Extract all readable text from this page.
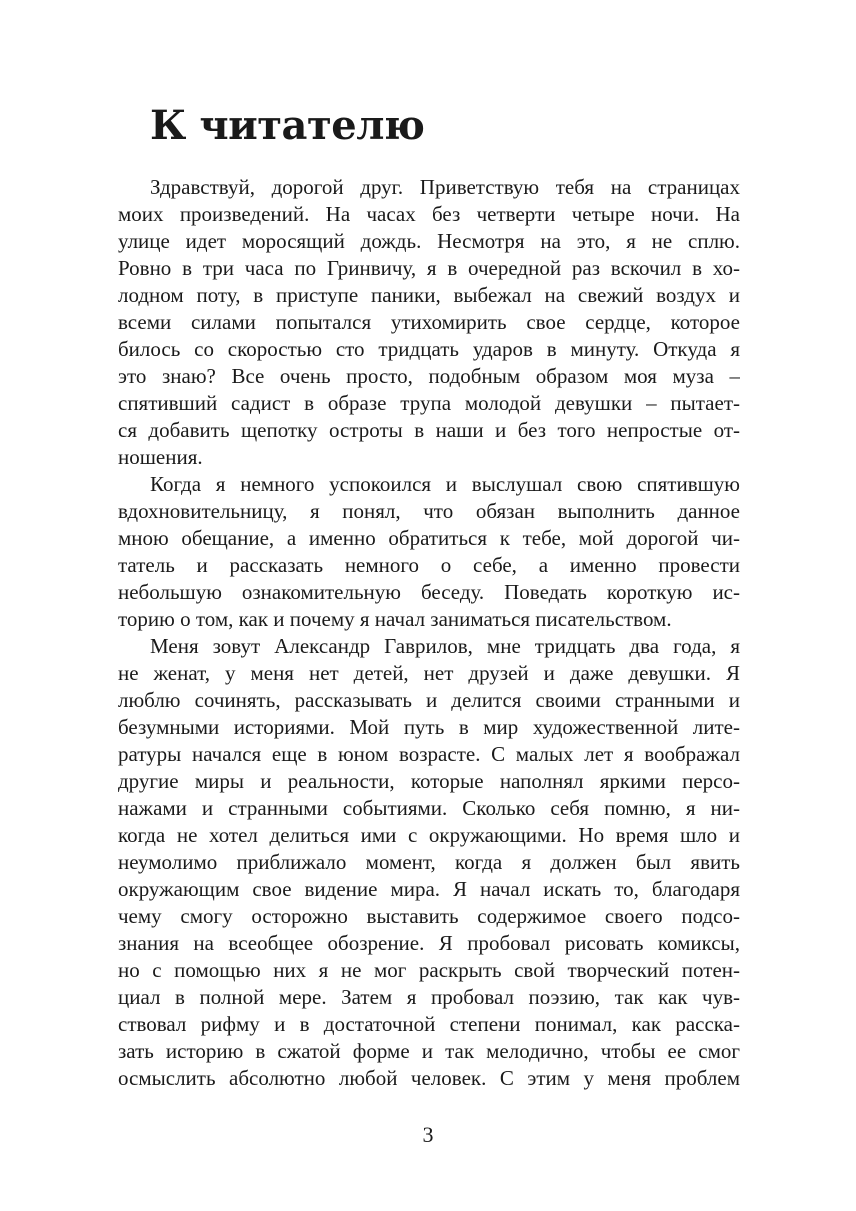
К читателю
Здравствуй, дорогой друг. Приветствую тебя на страницах
моих произведений. На часах без четверти четыре ночи. На
улице идет моросящий дождь. Несмотря на это, я не сплю.
Ровно в три часа по Гринвичу, я в очередной раз вскочил в хо-
лодном поту, в приступе паники, выбежал на свежий воздух и
всеми силами попытался утихомирить свое сердце, которое
билось со скоростью сто тридцать ударов в минуту. Откуда я
это знаю? Все очень просто, подобным образом моя муза –
спятивший садист в образе трупа молодой девушки – пытает-
ся добавить щепотку остроты в наши и без того непростые от-
ношения.
Когда я немного успокоился и выслушал свою спятившую
вдохновительницу, я понял, что обязан выполнить данное
мною обещание, а именно обратиться к тебе, мой дорогой чи-
татель и рассказать немного о себе, а именно провести
небольшую ознакомительную беседу. Поведать короткую ис-
торию о том, как и почему я начал заниматься писательством.
Меня зовут Александр Гаврилов, мне тридцать два года, я
не женат, у меня нет детей, нет друзей и даже девушки. Я
люблю сочинять, рассказывать и делится своими странными и
безумными историями. Мой путь в мир художественной лите-
ратуры начался еще в юном возрасте. С малых лет я воображал
другие миры и реальности, которые наполнял яркими персо-
нажами и странными событиями. Сколько себя помню, я ни-
когда не хотел делиться ими с окружающими. Но время шло и
неумолимо приближало момент, когда я должен был явить
окружающим свое видение мира. Я начал искать то, благодаря
чему смогу осторожно выставить содержимое своего подсо-
знания на всеобщее обозрение. Я пробовал рисовать комиксы,
но с помощью них я не мог раскрыть свой творческий потен-
циал в полной мере. Затем я пробовал поэзию, так как чув-
ствовал рифму и в достаточной степени понимал, как расска-
зать историю в сжатой форме и так мелодично, чтобы ее смог
осмыслить абсолютно любой человек. С этим у меня проблем
3
